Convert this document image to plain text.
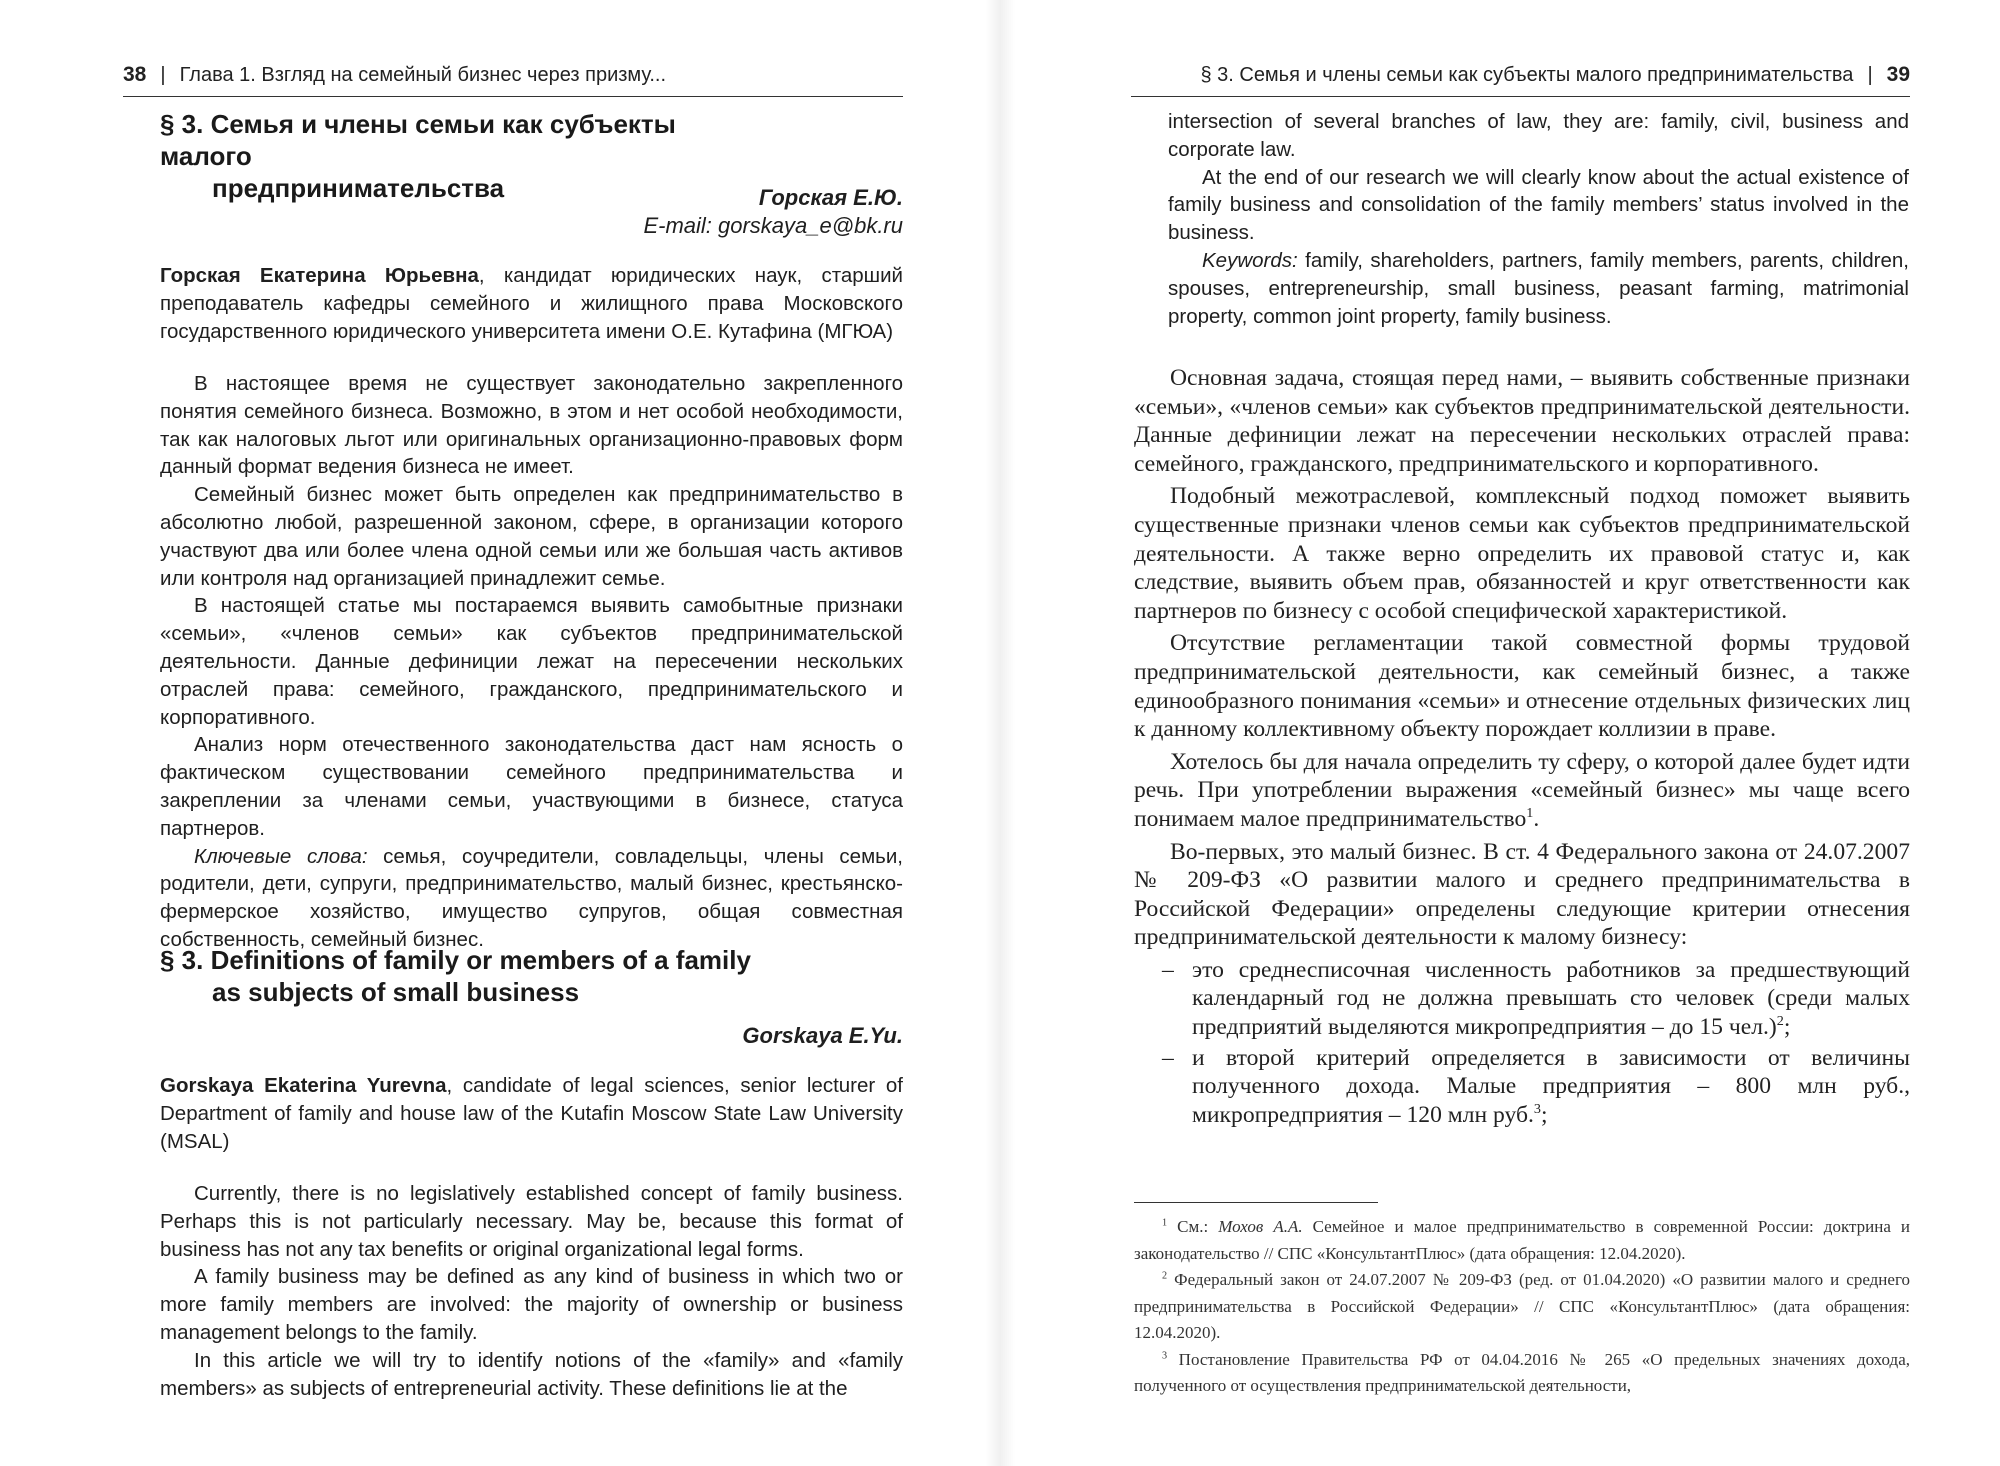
38 | Глава 1. Взгляд на семейный бизнес через призму...
§ 3. Семья и члены семьи как субъекты малого
предпринимательства	Горская Е.Ю.
E-mail: gorskaya_e@bk.ru

Горская Екатерина Юрьевна, кандидат юридических наук, старший преподаватель кафедры семейного и жилищного права Московского государственного юридического университета имени О.Е. Кутафина (МГЮА)

В настоящее время не существует законодательно закрепленного понятия семейного бизнеса. Возможно, в этом и нет особой необходимости, так как налоговых льгот или оригинальных организационно-правовых форм данный формат ведения бизнеса не имеет.

Семейный бизнес может быть определен как предпринимательство в абсолютно любой, разрешенной законом, сфере, в организации которого участвуют два или более члена одной семьи или же большая часть активов или контроля над организацией принадлежит семье.

В настоящей статье мы постараемся выявить самобытные признаки «семьи», «членов семьи» как субъектов предпринимательской деятельности. Данные дефиниции лежат на пересечении нескольких отраслей права: семейного, гражданского, предпринимательского и корпоративного.

Анализ норм отечественного законодательства даст нам ясность о фактическом существовании семейного предпринимательства и закреплении за членами семьи, участвующими в бизнесе, статуса партнеров.

Ключевые слова: семья, соучредители, совладельцы, члены семьи, родители, дети, супруги, предпринимательство, малый бизнес, крестьянско-фермерское хозяйство, имущество супругов, общая совместная собственность, семейный бизнес.

§ 3. Definitions of family or members of a family
as subjects of small business
Gorskaya E.Yu.

Gorskaya Ekaterina Yurevna, candidate of legal sciences, senior lecturer of Department of family and house law of the Kutafin Moscow State Law University (MSAL)

Currently, there is no legislatively established concept of family business. Perhaps this is not particularly necessary. May be, because this format of business has not any tax benefits or original organizational legal forms.

A family business may be defined as any kind of business in which two or more family members are involved: the majority of ownership or business management belongs to the family.

In this article we will try to identify notions of the «family» and «family members» as subjects of entrepreneurial activity. These definitions lie at the

§ 3. Семья и члены семьи как субъекты малого предпринимательства | 39

intersection of several branches of law, they are: family, civil, business and corporate law.

At the end of our research we will clearly know about the actual existence of family business and consolidation of the family members’ status involved in the business.

Keywords: family, shareholders, partners, family members, parents, children, spouses, entrepreneurship, small business, peasant farming, matrimonial property, common joint property, family business.

Основная задача, стоящая перед нами, – выявить собственные признаки «семьи», «членов семьи» как субъектов предпринимательской деятельности. Данные дефиниции лежат на пересечении нескольких отраслей права: семейного, гражданского, предпринимательского и корпоративного.

Подобный межотраслевой, комплексный подход поможет выявить существенные признаки членов семьи как субъектов предпринимательской деятельности. А также верно определить их правовой статус и, как следствие, выявить объем прав, обязанностей и круг ответственности как партнеров по бизнесу с особой специфической характеристикой.

Отсутствие регламентации такой совместной формы трудовой предпринимательской деятельности, как семейный бизнес, а также единообразного понимания «семьи» и отнесение отдельных физических лиц к данному коллективному объекту порождает коллизии в праве.

Хотелось бы для начала определить ту сферу, о которой далее будет идти речь. При употреблении выражения «семейный бизнес» мы чаще всего понимаем малое предпринимательство$^1$.

Во-первых, это малый бизнес. В ст. 4 Федерального закона от 24.07.2007 № 209-ФЗ «О развитии малого и среднего предпринимательства в Российской Федерации» определены следующие критерии отнесения предпринимательской деятельности к малому бизнесу:

– это среднесписочная численность работников за предшествующий календарный год не должна превышать сто человек (среди малых предприятий выделяются микропредприятия – до 15 чел.)$^2$;
– и второй критерий определяется в зависимости от величины полученного дохода. Малые предприятия – 800 млн руб., микропредприятия – 120 млн руб.$^3$;

$^1$ См.: Мохов А.А. Семейное и малое предпринимательство в современной России: доктрина и законодательство // СПС «КонсультантПлюс» (дата обращения: 12.04.2020).

$^2$ Федеральный закон от 24.07.2007 № 209-ФЗ (ред. от 01.04.2020) «О развитии малого и среднего предпринимательства в Российской Федерации» // СПС «КонсультантПлюс» (дата обращения: 12.04.2020).

$^3$ Постановление Правительства РФ от 04.04.2016 № 265 «О предельных значениях дохода, полученного от осуществления предпринимательской деятельности,
